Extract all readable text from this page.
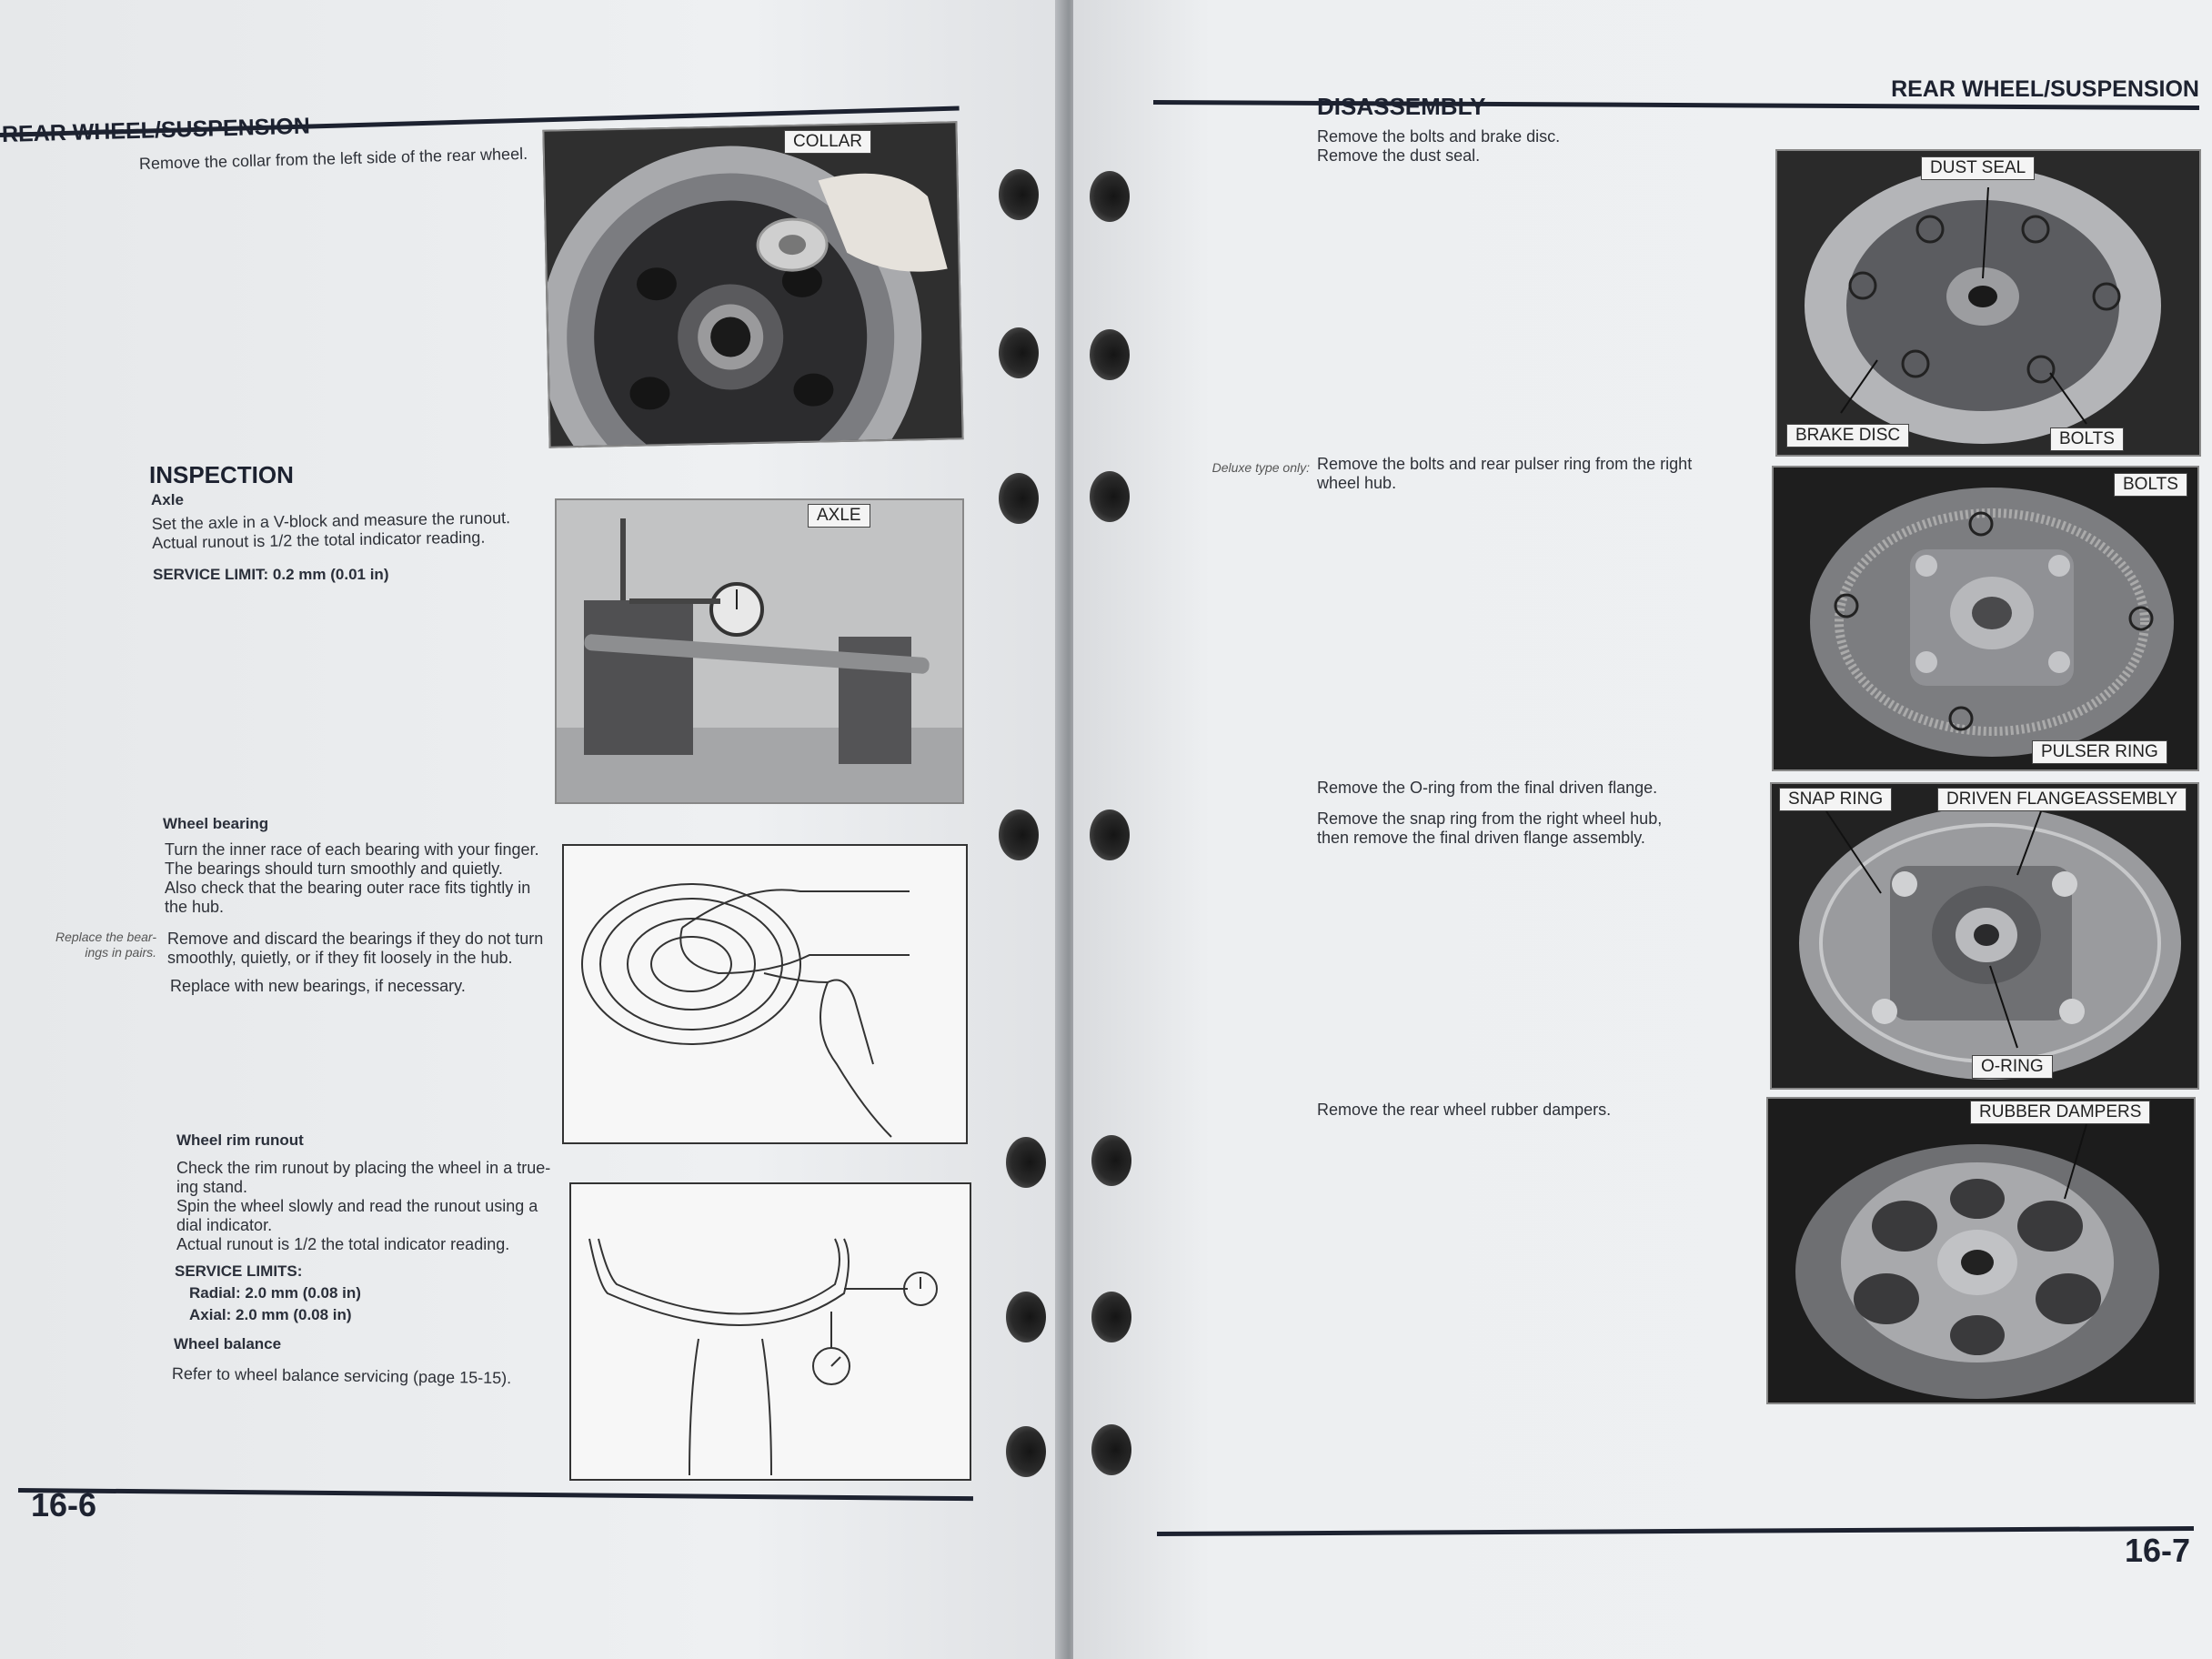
REAR WHEEL/SUSPENSION
Remove the collar from the left side of the rear wheel.
COLLAR
INSPECTION
Axle
Set the axle in a V-block and measure the runout.
Actual runout is 1/2 the total indicator reading.
SERVICE LIMIT: 0.2 mm (0.01 in)
AXLE
Wheel bearing
Turn the inner race of each bearing with your finger.
The bearings should turn smoothly and quietly.
Also check that the bearing outer race fits tightly in
the hub.
Replace the bear-
ings in pairs.
Remove and discard the bearings if they do not turn
smoothly, quietly, or if they fit loosely in the hub.
Replace with new bearings, if necessary.
Wheel rim runout
Check the rim runout by placing the wheel in a true-
ing stand.
Spin the wheel slowly and read the runout using a
dial indicator.
Actual runout is 1/2 the total indicator reading.
SERVICE LIMITS:
Radial: 2.0 mm (0.08 in)
Axial: 2.0 mm (0.08 in)
Wheel balance
Refer to wheel balance servicing (page 15-15).
16-6
REAR WHEEL/SUSPENSION
DISASSEMBLY
Remove the bolts and brake disc.
Remove the dust seal.
DUST SEAL
BRAKE DISC	BOLTS
Deluxe type only: Remove the bolts and rear pulser ring from the right
wheel hub.	BOLTS
PULSER RING
Remove the O-ring from the final driven flange.
Remove the snap ring from the right wheel hub,
then remove the final driven flange assembly.
SNAP RING	DRIVEN FLANGEASSEMBLY
O-RING
Remove the rear wheel rubber dampers.	RUBBER DAMPERS
16-7
